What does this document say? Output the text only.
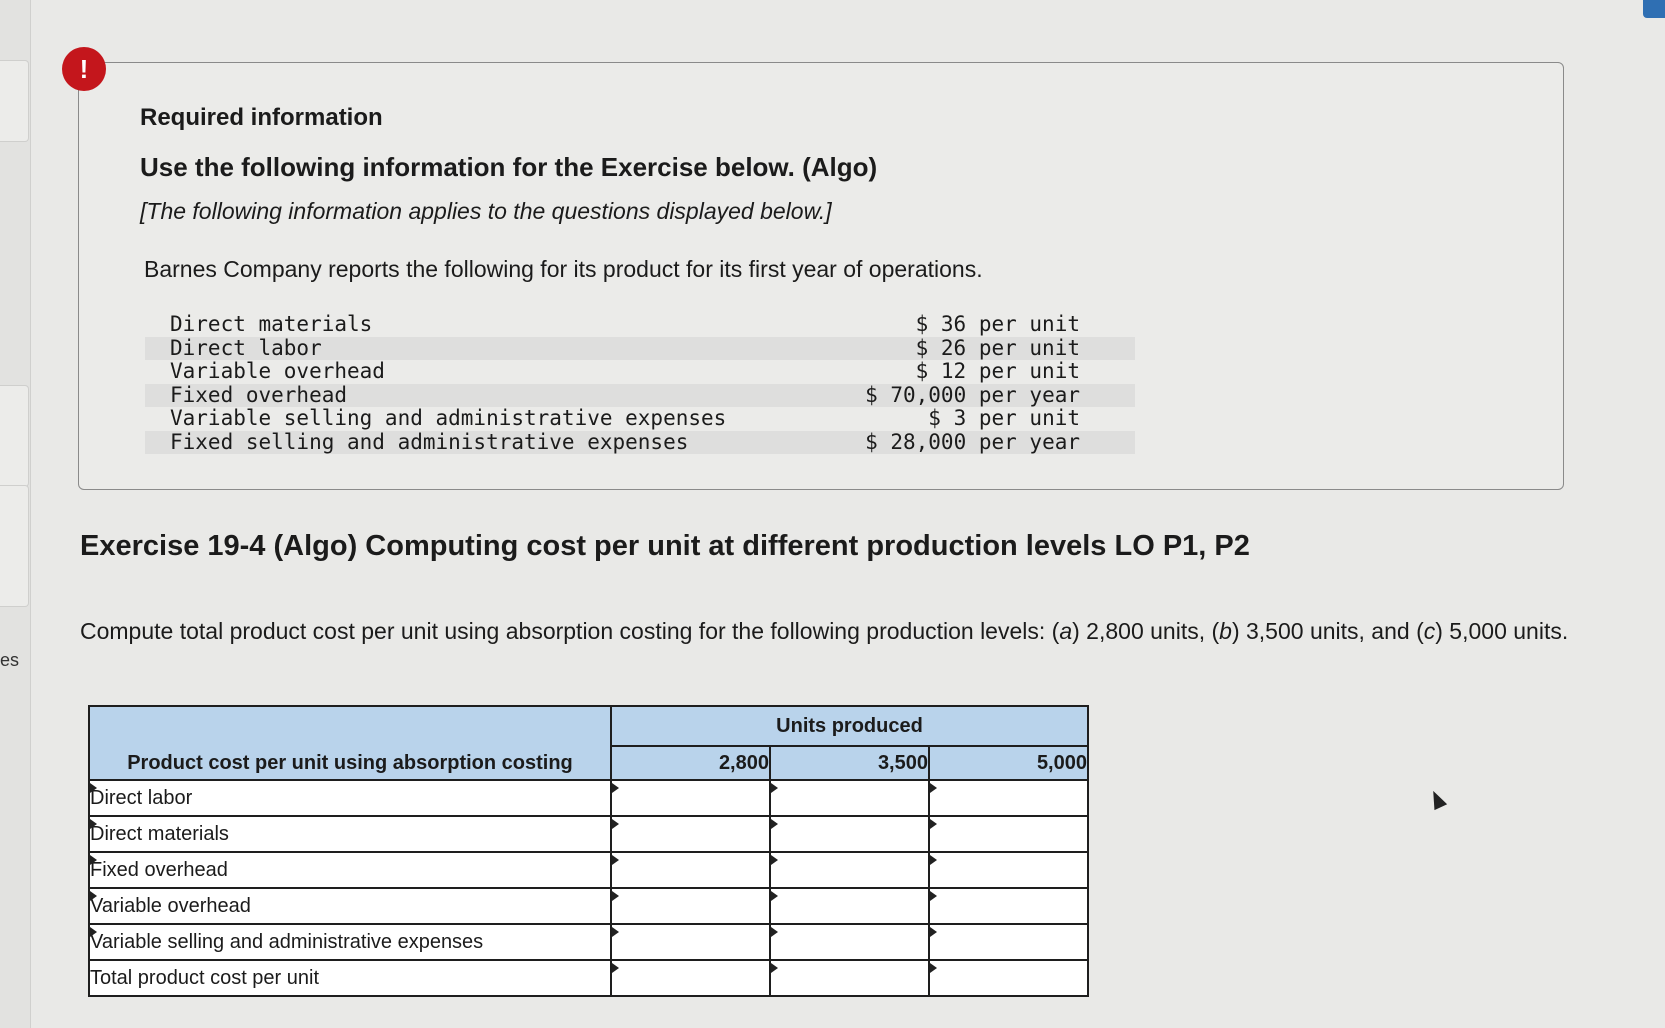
es
!
Required information
Use the following information for the Exercise below. (Algo)
[The following information applies to the questions displayed below.]
Barnes Company reports the following for its product for its first year of operations.
Direct materials	$ 36 per unit
Direct labor	$ 26 per unit
Variable overhead	$ 12 per unit
Fixed overhead	$ 70,000 per year
Variable selling and administrative expenses	$ 3 per unit
Fixed selling and administrative expenses	$ 28,000 per year
Exercise 19-4 (Algo) Computing cost per unit at different production levels LO P1, P2
Compute total product cost per unit using absorption costing for the following production levels: (a) 2,800 units, (b) 3,500 units, and (c) 5,000 units.
Product cost per unit using absorption costing	Units produced		
	2,800	3,500	5,000
Direct labor			
Direct materials			
Fixed overhead			
Variable overhead			
Variable selling and administrative expenses			
Total product cost per unit			
